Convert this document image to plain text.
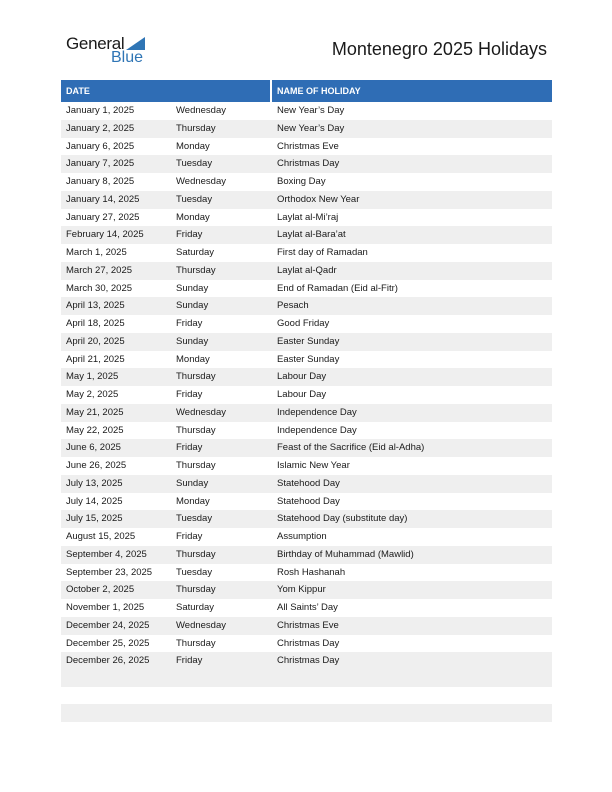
General
Blue	Montenegro 2025 Holidays
DATE	NAME OF HOLIDAY
January 1, 2025	Wednesday	New Year’s Day
January 2, 2025	Thursday	New Year’s Day
January 6, 2025	Monday	Christmas Eve
January 7, 2025	Tuesday	Christmas Day
January 8, 2025	Wednesday	Boxing Day
January 14, 2025	Tuesday	Orthodox New Year
January 27, 2025	Monday	Laylat al-Mi’raj
February 14, 2025	Friday	Laylat al-Bara’at
March 1, 2025	Saturday	First day of Ramadan
March 27, 2025	Thursday	Laylat al-Qadr
March 30, 2025	Sunday	End of Ramadan (Eid al-Fitr)
April 13, 2025	Sunday	Pesach
April 18, 2025	Friday	Good Friday
April 20, 2025	Sunday	Easter Sunday
April 21, 2025	Monday	Easter Sunday
May 1, 2025	Thursday	Labour Day
May 2, 2025	Friday	Labour Day
May 21, 2025	Wednesday	Independence Day
May 22, 2025	Thursday	Independence Day
June 6, 2025	Friday	Feast of the Sacrifice (Eid al-Adha)
June 26, 2025	Thursday	Islamic New Year
July 13, 2025	Sunday	Statehood Day
July 14, 2025	Monday	Statehood Day
July 15, 2025	Tuesday	Statehood Day (substitute day)
August 15, 2025	Friday	Assumption
September 4, 2025	Thursday	Birthday of Muhammad (Mawlid)
September 23, 2025	Tuesday	Rosh Hashanah
October 2, 2025	Thursday	Yom Kippur
November 1, 2025	Saturday	All Saints’ Day
December 24, 2025	Wednesday	Christmas Eve
December 25, 2025	Thursday	Christmas Day
December 26, 2025	Friday	Christmas Day
